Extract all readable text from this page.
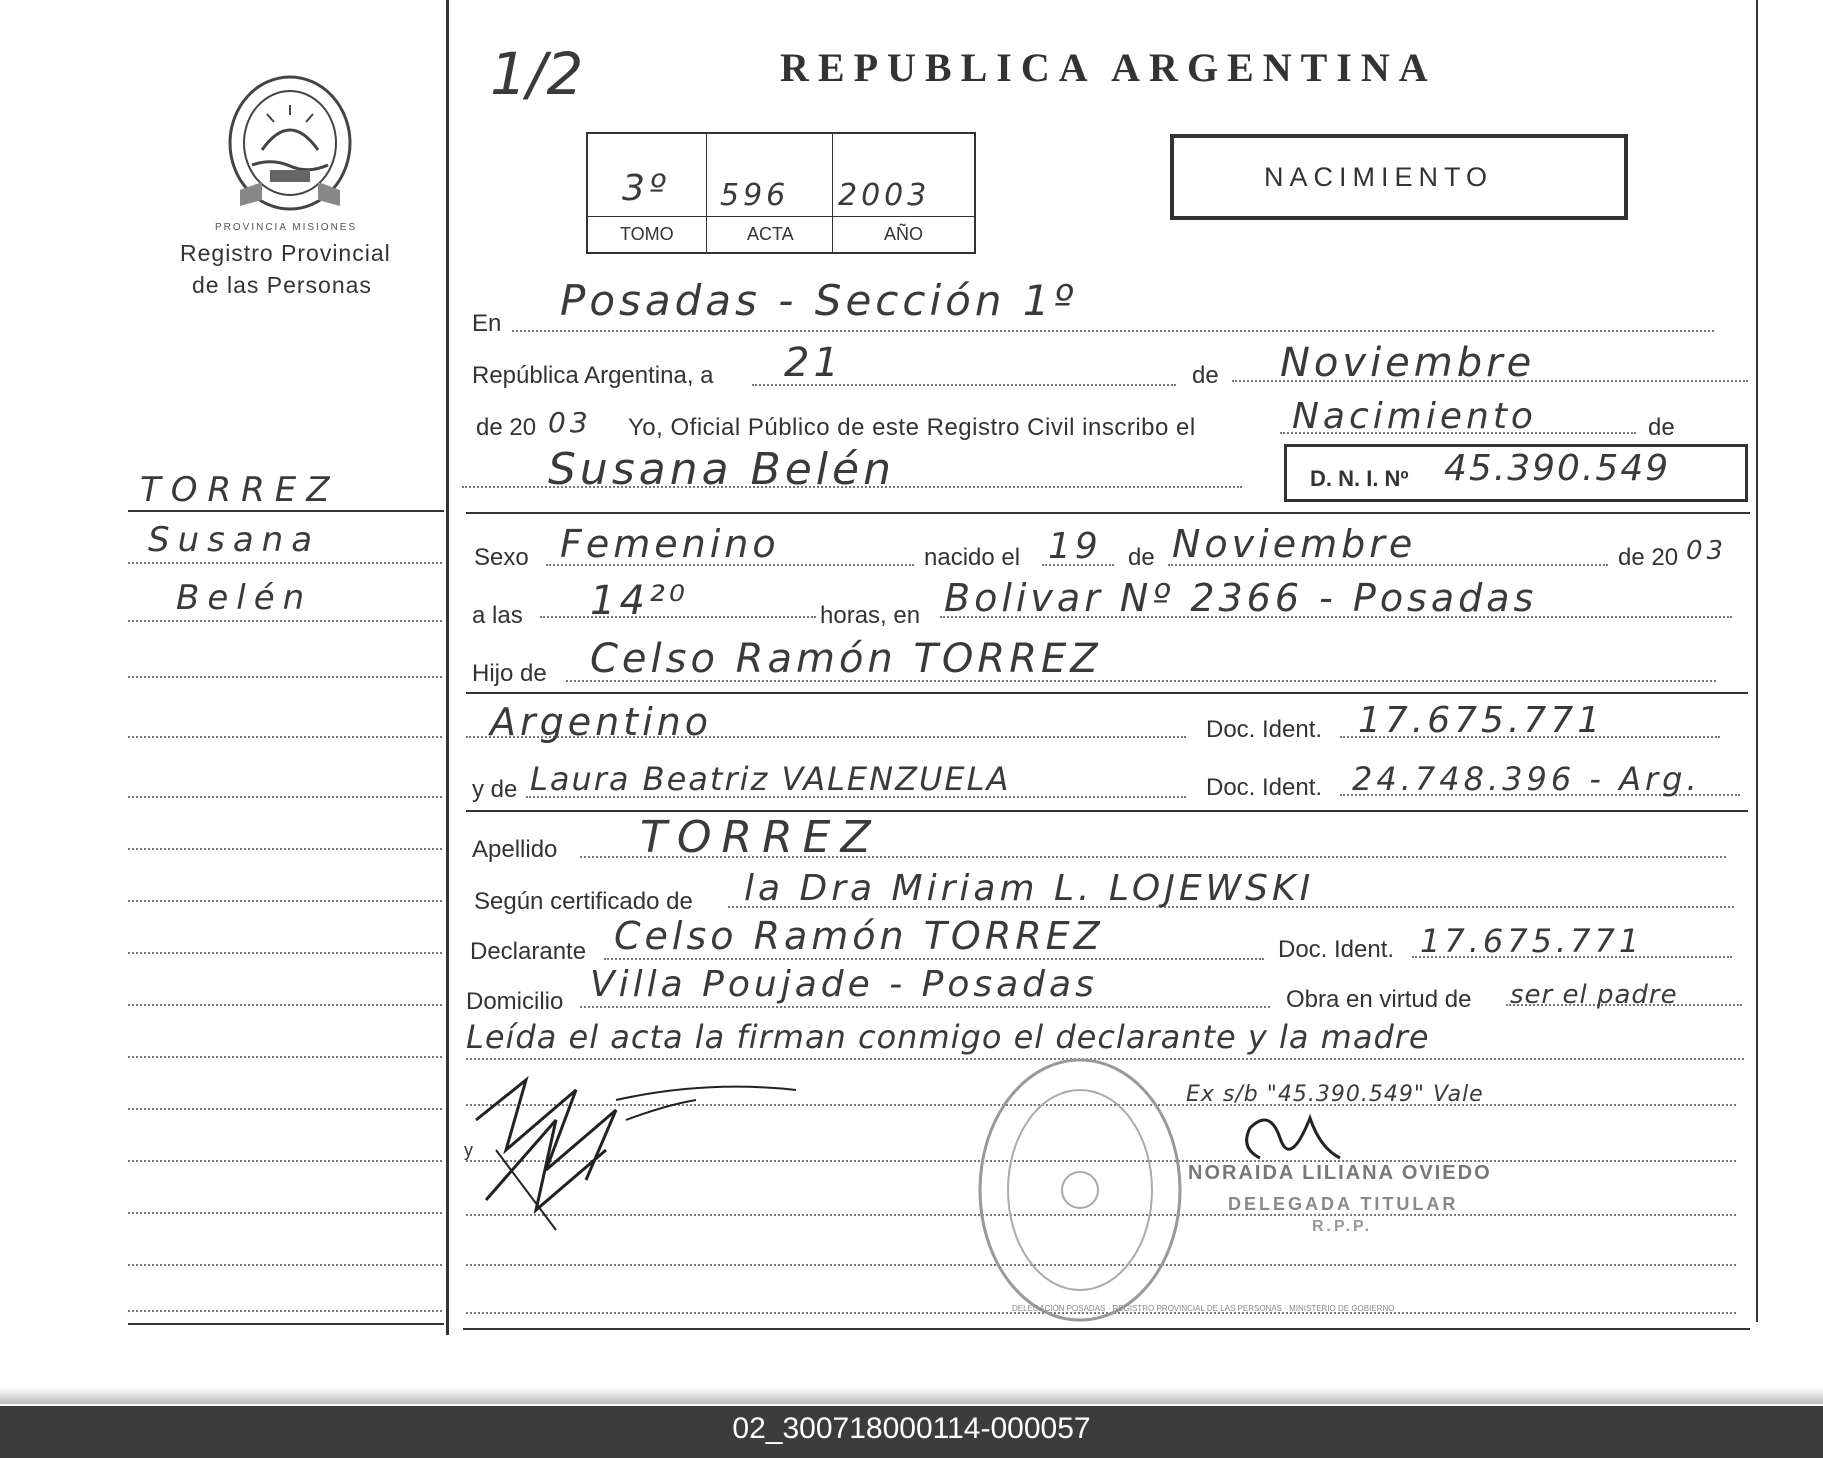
PROVINCIA MISIONES
Registro Provincial
de las Personas
1/2	REPUBLICA ARGENTINA
3º 596 2003
TOMO	ACTA	AÑO
NACIMIENTO
TORREZ
Susana
Belén
En Posadas - Sección 1º
República Argentina, a 21	de Noviembre
de 20 03 Yo, Oficial Público de este Registro Civil inscribo el	Nacimiento	de
Susana Belén	D. N. I. Nº 45.390.549
Sexo Femenino	nacido el 19 de Noviembre	de 20 03
a las 14²⁰	horas, en Bolivar Nº 2366 - Posadas
Hijo de Celso Ramón TORREZ
Argentino	Doc. Ident. 17.675.771
y de Laura Beatriz VALENZUELA	Doc. Ident. 24.748.396 - Arg.
Apellido TORREZ
Según certificado de la Dra Miriam L. LOJEWSKI
Declarante Celso Ramón TORREZ	Doc. Ident. 17.675.771
Domicilio Villa Poujade - Posadas	Obra en virtud de ser el padre
Leída el acta la firman conmigo el declarante y la madre
Ex s/b "45.390.549" Vale
y
DELEGACIÓN POSADAS · REGISTRO PROVINCIAL DE LAS PERSONAS · MINISTERIO DE GOBIERNO
NORAIDA LILIANA OVIEDO
DELEGADA TITULAR
R.P.P.
02_300718000114-000057
